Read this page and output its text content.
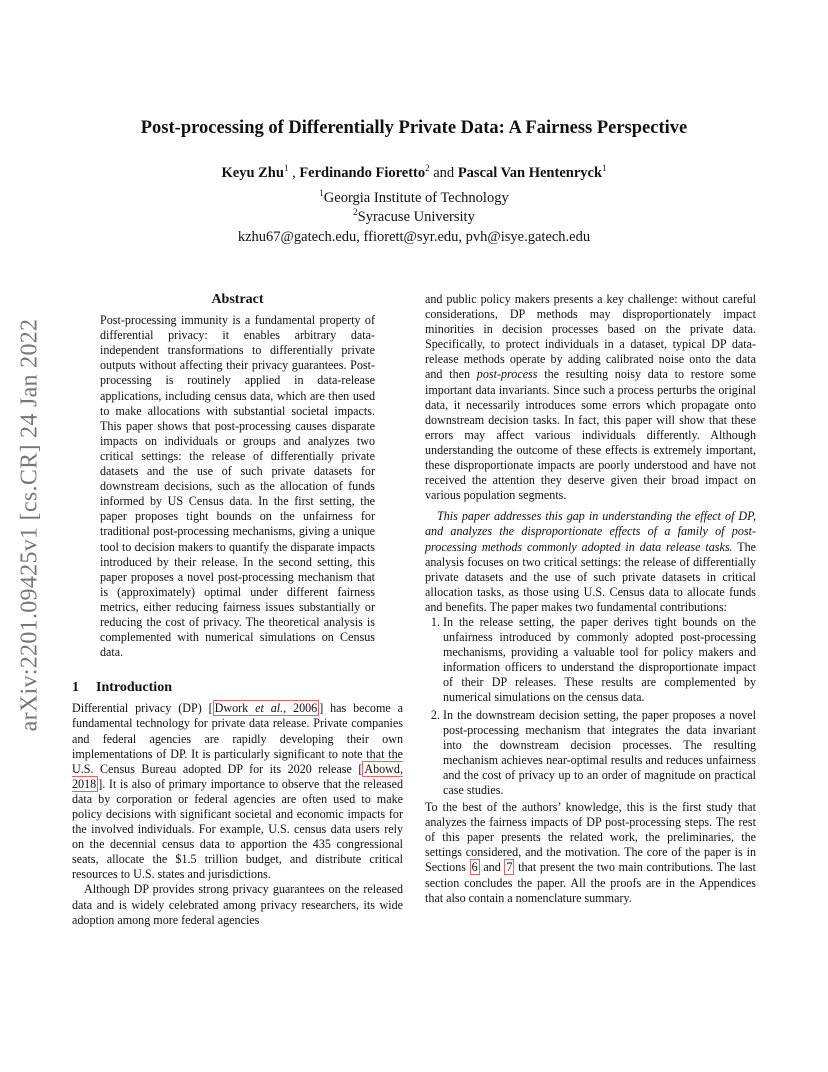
arXiv:2201.09425v1 [cs.CR] 24 Jan 2022
Post-processing of Differentially Private Data: A Fairness Perspective
Keyu Zhu$^1$ , Ferdinando Fioretto$^2$ and Pascal Van Hentenryck$^1$
$^1$Georgia Institute of Technology
$^2$Syracuse University
kzhu67@gatech.edu, ffiorett@syr.edu, pvh@isye.gatech.edu
Abstract

Post-processing immunity is a fundamental property of differential privacy: it enables arbitrary data-independent transformations to differentially private outputs without affecting their privacy guarantees. Post-processing is routinely applied in data-release applications, including census data, which are then used to make allocations with substantial societal impacts. This paper shows that post-processing causes disparate impacts on individuals or groups and analyzes two critical settings: the release of differentially private datasets and the use of such private datasets for downstream decisions, such as the allocation of funds informed by US Census data. In the first setting, the paper proposes tight bounds on the unfairness for traditional post-processing mechanisms, giving a unique tool to decision makers to quantify the disparate impacts introduced by their release. In the second setting, this paper proposes a novel post-processing mechanism that is (approximately) optimal under different fairness metrics, either reducing fairness issues substantially or reducing the cost of privacy. The theoretical analysis is complemented with numerical simulations on Census data.

1 Introduction

Differential privacy (DP) [ Dwork et al., 2006 ] has become a fundamental technology for private data release. Private companies and federal agencies are rapidly developing their own implementations of DP. It is particularly significant to note that the U.S. Census Bureau adopted DP for its 2020 release [ Abowd, 2018 ]. It is also of primary importance to observe that the released data by corporation or federal agencies are often used to make policy decisions with significant societal and economic impacts for the involved individuals. For example, U.S. census data users rely on the decennial census data to apportion the 435 congressional seats, allocate the $1.5 trillion budget, and distribute critical resources to U.S. states and jurisdictions.

Although DP provides strong privacy guarantees on the released data and is widely celebrated among privacy researchers, its wide adoption among more federal agencies

and public policy makers presents a key challenge: without careful considerations, DP methods may disproportionately impact minorities in decision processes based on the private data. Specifically, to protect individuals in a dataset, typical DP data-release methods operate by adding calibrated noise onto the data and then post-process the resulting noisy data to restore some important data invariants. Since such a process perturbs the original data, it necessarily introduces some errors which propagate onto downstream decision tasks. In fact, this paper will show that these errors may affect various individuals differently. Although understanding the outcome of these effects is extremely important, these disproportionate impacts are poorly understood and have not received the attention they deserve given their broad impact on various population segments.

This paper addresses this gap in understanding the effect of DP, and analyzes the disproportionate effects of a family of post-processing methods commonly adopted in data release tasks. The analysis focuses on two critical settings: the release of differentially private datasets and the use of such private datasets in critical allocation tasks, as those using U.S. Census data to allocate funds and benefits. The paper makes two fundamental contributions:

1. In the release setting, the paper derives tight bounds on the unfairness introduced by commonly adopted post-processing mechanisms, providing a valuable tool for policy makers and information officers to understand the disproportionate impact of their DP releases. These results are complemented by numerical simulations on the census data.
2. In the downstream decision setting, the paper proposes a novel post-processing mechanism that integrates the data invariant into the downstream decision processes. The resulting mechanism achieves near-optimal results and reduces unfairness and the cost of privacy up to an order of magnitude on practical case studies.

To the best of the authors’ knowledge, this is the first study that analyzes the fairness impacts of DP post-processing steps. The rest of this paper presents the related work, the preliminaries, the settings considered, and the motivation. The core of the paper is in Sections 6 and 7 that present the two main contributions. The last section concludes the paper. All the proofs are in the Appendices that also contain a nomenclature summary.
